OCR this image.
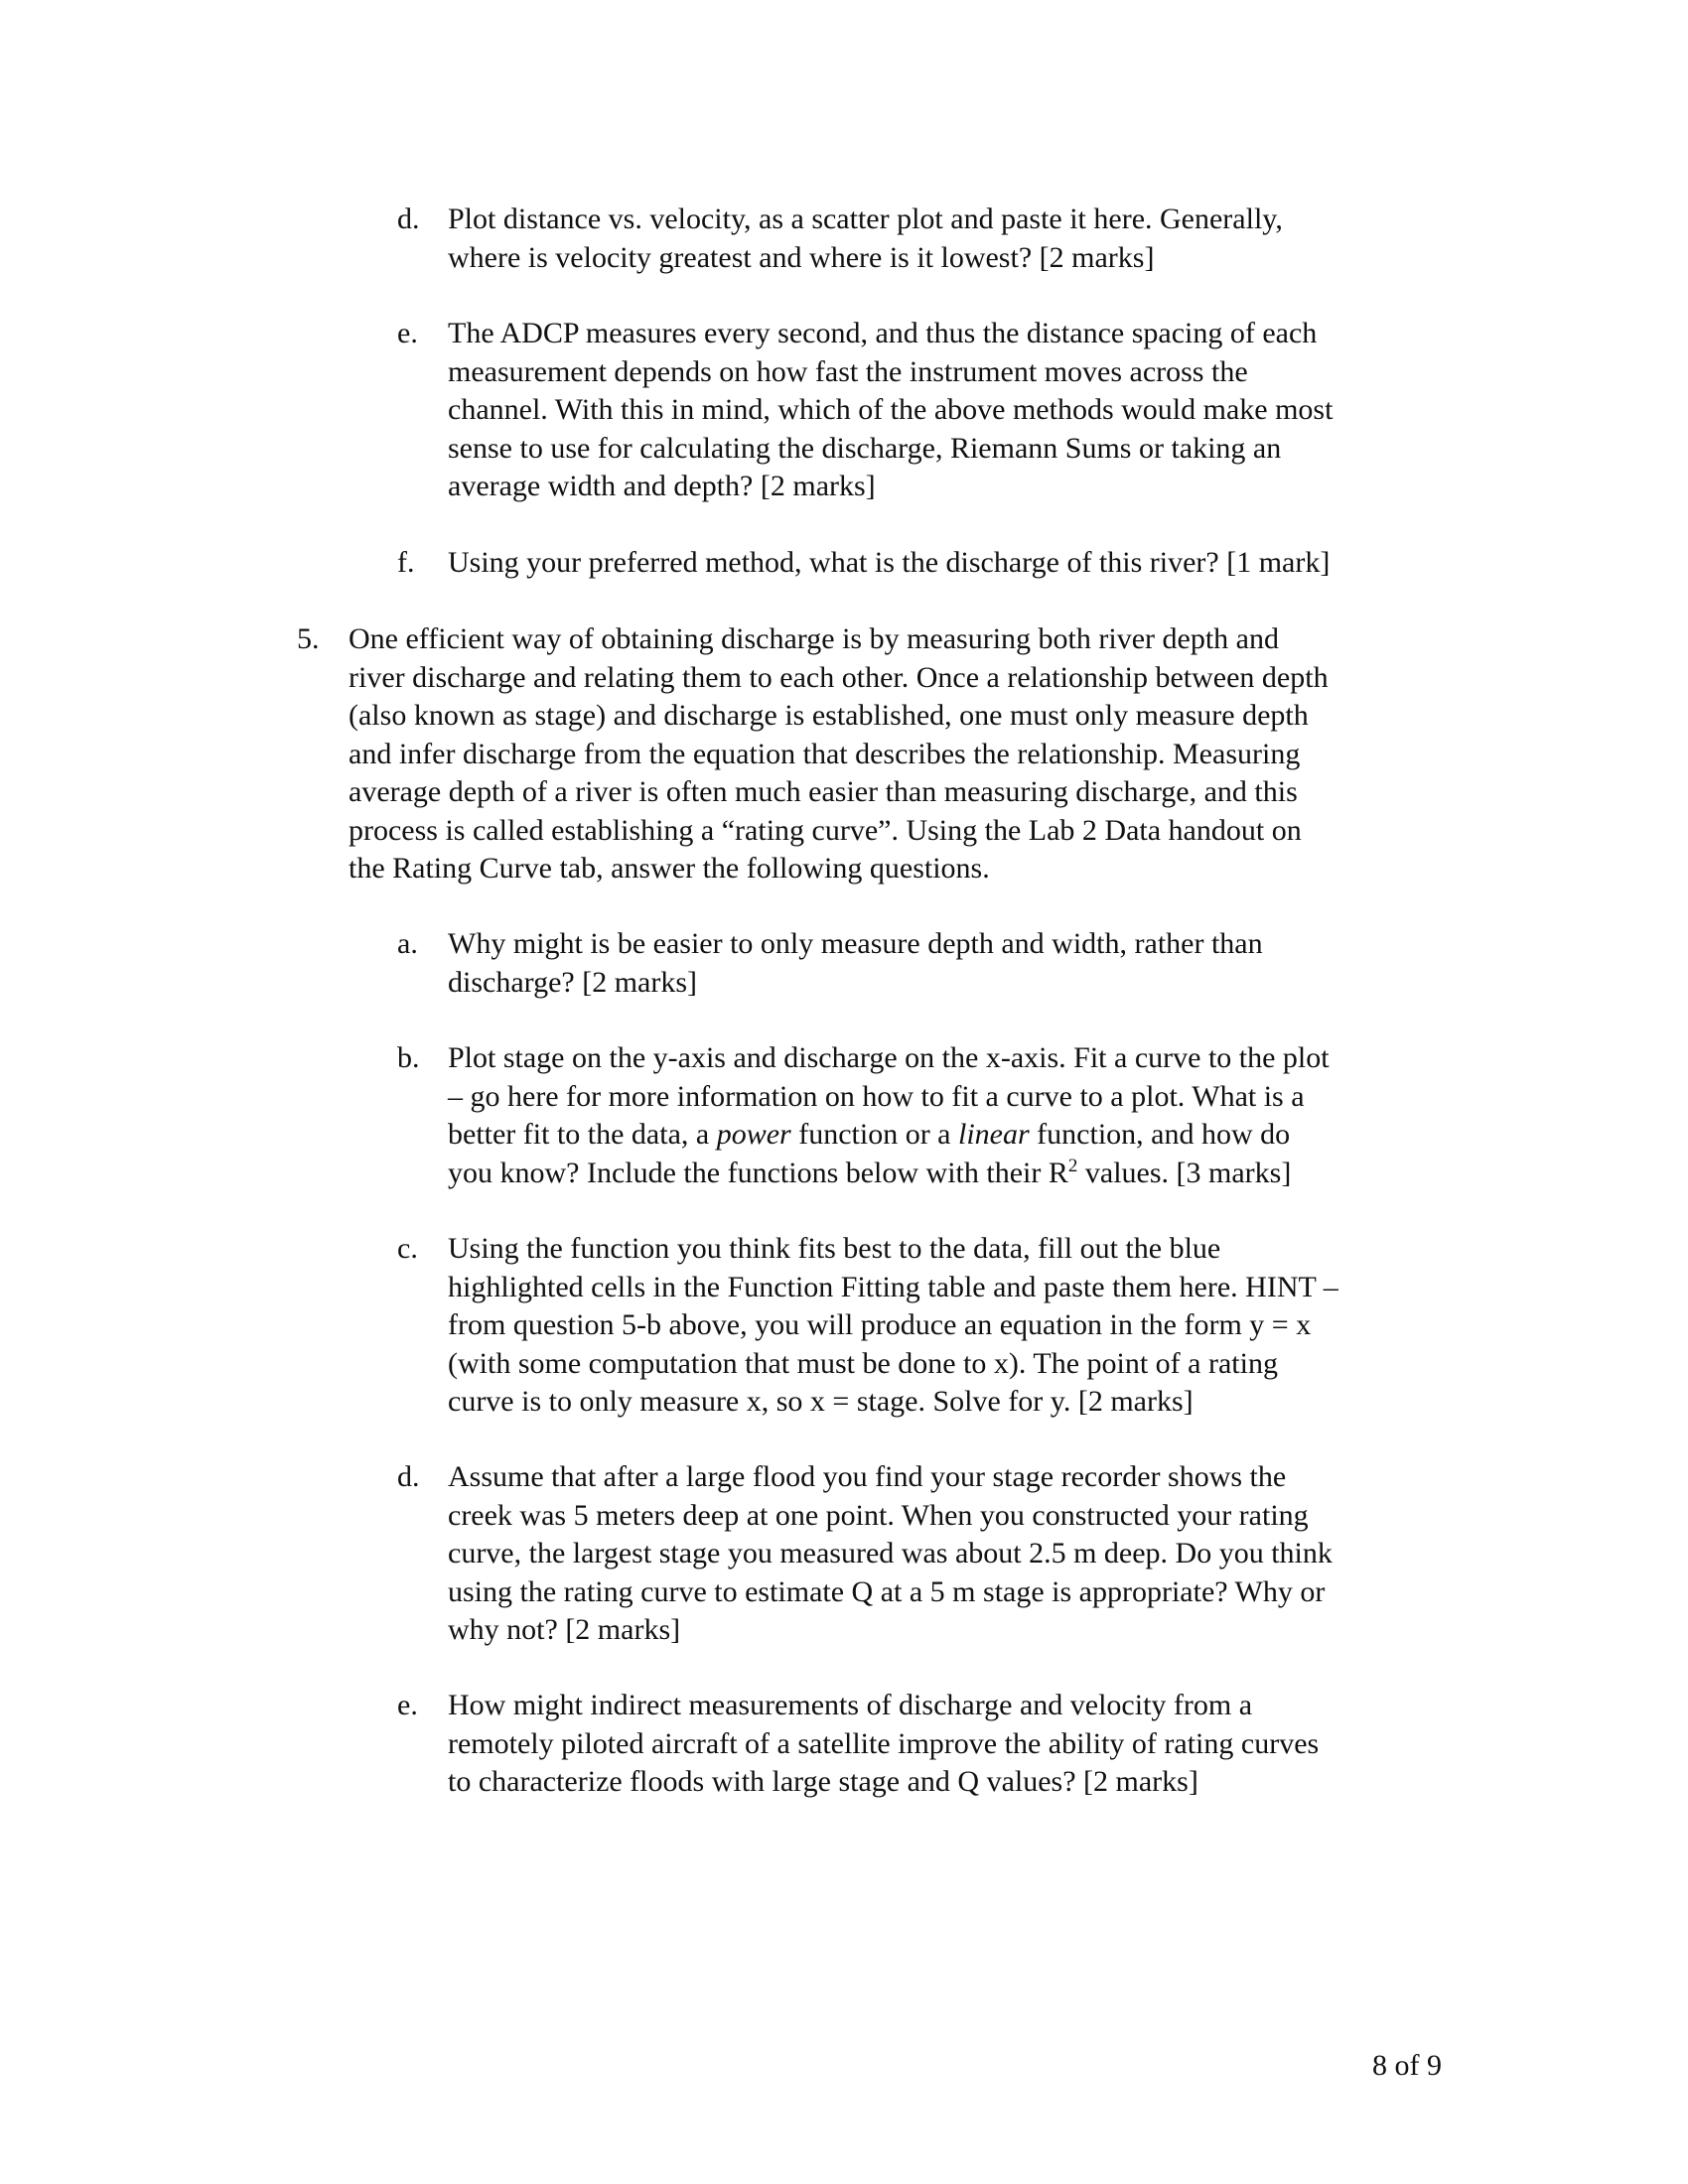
d. Plot distance vs. velocity, as a scatter plot and paste it here. Generally,
where is velocity greatest and where is it lowest? [2 marks]
e. The ADCP measures every second, and thus the distance spacing of each
measurement depends on how fast the instrument moves across the
channel. With this in mind, which of the above methods would make most
sense to use for calculating the discharge, Riemann Sums or taking an
average width and depth? [2 marks]
f. Using your preferred method, what is the discharge of this river? [1 mark]
5. One efficient way of obtaining discharge is by measuring both river depth and
river discharge and relating them to each other. Once a relationship between depth
(also known as stage) and discharge is established, one must only measure depth
and infer discharge from the equation that describes the relationship. Measuring
average depth of a river is often much easier than measuring discharge, and this
process is called establishing a “rating curve”. Using the Lab 2 Data handout on
the Rating Curve tab, answer the following questions.
a. Why might is be easier to only measure depth and width, rather than
discharge? [2 marks]
b. Plot stage on the y-axis and discharge on the x-axis. Fit a curve to the plot
– go here for more information on how to fit a curve to a plot. What is a
better fit to the data, a power function or a linear function, and how do
you know? Include the functions below with their $R^2$ values. [3 marks]
c. Using the function you think fits best to the data, fill out the blue
highlighted cells in the Function Fitting table and paste them here. HINT –
from question 5-b above, you will produce an equation in the form y = x
(with some computation that must be done to x). The point of a rating
curve is to only measure x, so x = stage. Solve for y. [2 marks]
d. Assume that after a large flood you find your stage recorder shows the
creek was 5 meters deep at one point. When you constructed your rating
curve, the largest stage you measured was about 2.5 m deep. Do you think
using the rating curve to estimate Q at a 5 m stage is appropriate? Why or
why not? [2 marks]
e. How might indirect measurements of discharge and velocity from a
remotely piloted aircraft of a satellite improve the ability of rating curves
to characterize floods with large stage and Q values? [2 marks]
8 of 9
